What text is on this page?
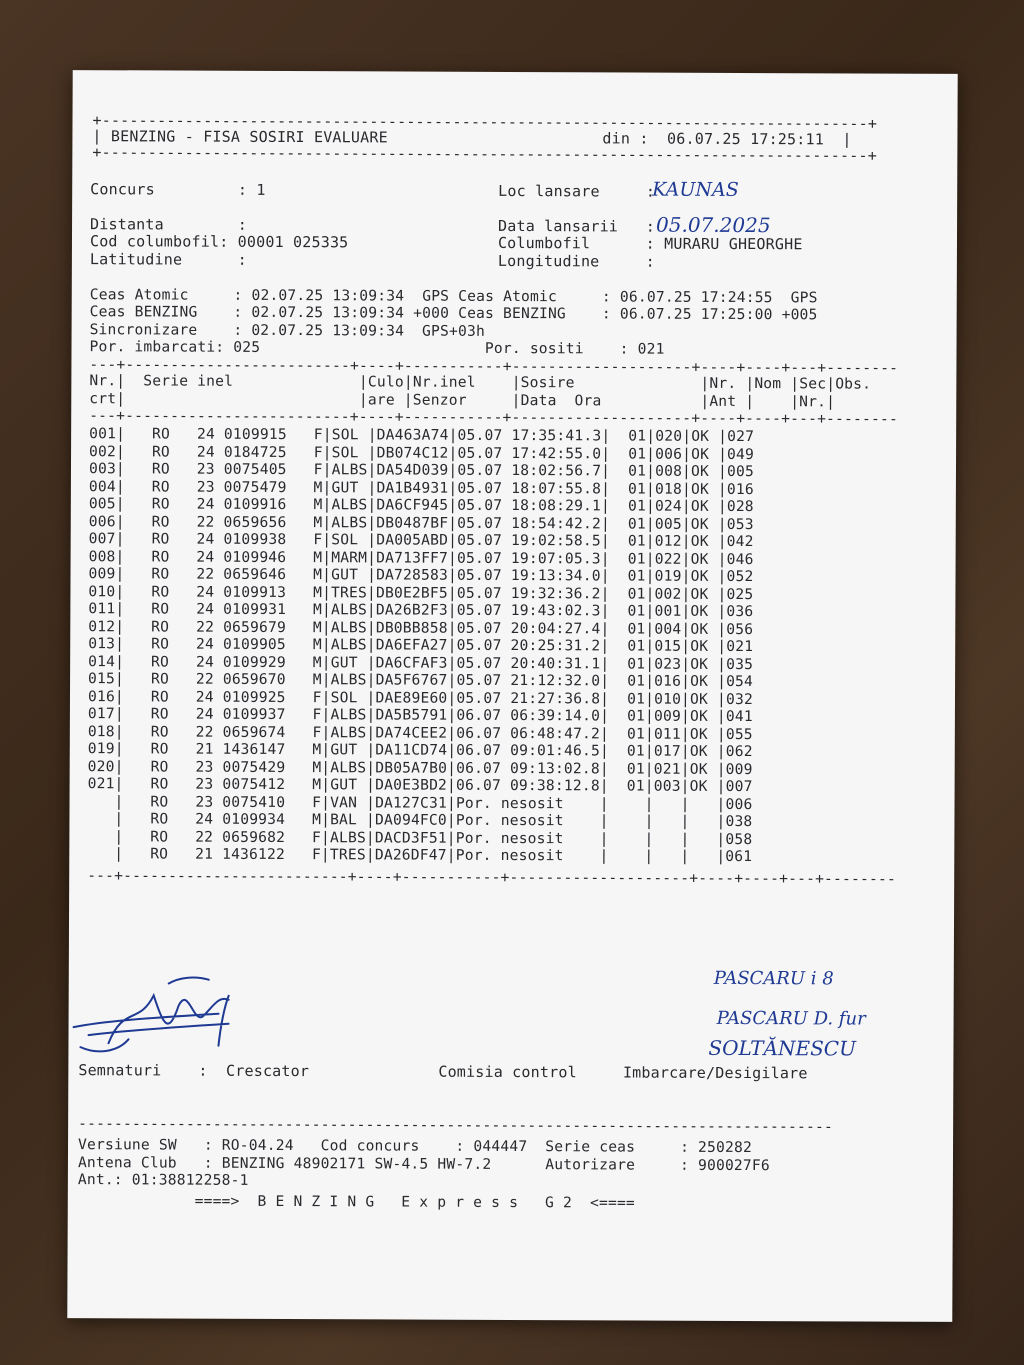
+-----------------------------------------------------------------------------------+
| BENZING - FISA SOSIRI EVALUARE	din : 06.07.25 17:25:11  |
+-----------------------------------------------------------------------------------+
Concurs         : 1	Loc lansare     :
KAUNAS
Distanta        :	Data lansarii   : 05.07.2025
Cod columbofil: 00001 025335	Columbofil      : MURARU GHEORGHE
Latitudine      :	Longitudine     :
Ceas Atomic     : 02.07.25 13:09:34  GPS Ceas Atomic     : 06.07.25 17:24:55  GPS
Ceas BENZING    : 02.07.25 13:09:34 +000 Ceas BENZING    : 06.07.25 17:25:00 +005
Sincronizare    : 02.07.25 13:09:34  GPS+03h
Por. imbarcati: 025                         Por. sositi    : 021
---+-------------------------+----+-----------+--------------------+----+----+---+--------
Nr.|  Serie inel              |Culo|Nr.inel    |Sosire              |Nr. |Nom |Sec|Obs.
crt|                          |are |Senzor     |Data  Ora           |Ant |    |Nr.|
---+-------------------------+----+-----------+--------------------+----+----+---+--------
001|   RO   24 0109915   F|SOL |DA463A74|05.07 17:35:41.3|  01|020|OK |027
002|   RO   24 0184725   F|SOL |DB074C12|05.07 17:42:55.0|  01|006|OK |049
003|   RO   23 0075405   F|ALBS|DA54D039|05.07 18:02:56.7|  01|008|OK |005
004|   RO   23 0075479   M|GUT |DA1B4931|05.07 18:07:55.8|  01|018|OK |016
005|   RO   24 0109916   M|ALBS|DA6CF945|05.07 18:08:29.1|  01|024|OK |028
006|   RO   22 0659656   M|ALBS|DB0487BF|05.07 18:54:42.2|  01|005|OK |053
007|   RO   24 0109938   F|SOL |DA005ABD|05.07 19:02:58.5|  01|012|OK |042
008|   RO   24 0109946   M|MARM|DA713FF7|05.07 19:07:05.3|  01|022|OK |046
009|   RO   22 0659646   M|GUT |DA728583|05.07 19:13:34.0|  01|019|OK |052
010|   RO   24 0109913   M|TRES|DB0E2BF5|05.07 19:32:36.2|  01|002|OK |025
011|   RO   24 0109931   M|ALBS|DA26B2F3|05.07 19:43:02.3|  01|001|OK |036
012|   RO   22 0659679   M|ALBS|DB0BB858|05.07 20:04:27.4|  01|004|OK |056
013|   RO   24 0109905   M|ALBS|DA6EFA27|05.07 20:25:31.2|  01|015|OK |021
014|   RO   24 0109929   M|GUT |DA6CFAF3|05.07 20:40:31.1|  01|023|OK |035
015|   RO   22 0659670   M|ALBS|DA5F6767|05.07 21:12:32.0|  01|016|OK |054
016|   RO   24 0109925   F|SOL |DAE89E60|05.07 21:27:36.8|  01|010|OK |032
017|   RO   24 0109937   F|ALBS|DA5B5791|06.07 06:39:14.0|  01|009|OK |041
018|   RO   22 0659674   F|ALBS|DA74CEE2|06.07 06:48:47.2|  01|011|OK |055
019|   RO   21 1436147   M|GUT |DA11CD74|06.07 09:01:46.5|  01|017|OK |062
020|   RO   23 0075429   M|ALBS|DB05A7B0|06.07 09:13:02.8|  01|021|OK |009
021|   RO   23 0075412   M|GUT |DA0E3BD2|06.07 09:38:12.8|  01|003|OK |007
|   RO   23 0075410   F|VAN |DA127C31|Por. nesosit    |    |   |   |006
|   RO   24 0109934   M|BAL |DA094FC0|Por. nesosit    |    |   |   |038
|   RO   22 0659682   F|ALBS|DACD3F51|Por. nesosit    |    |   |   |058
|   RO   21 1436122   F|TRES|DA26DF47|Por. nesosit    |    |   |   |061
---+-------------------------+----+-----------+--------------------+----+----+---+--------
PASCARU i 8
PASCARU D. fur
SOLTĂNESCU
Semnaturi    :  Crescator              Comisia control     Imbarcare/Desigilare
------------------------------------------------------------------------------------
Versiune SW   : RO-04.24   Cod concurs    : 044447  Serie ceas     : 250282
Antena Club   : BENZING 48902171 SW-4.5 HW-7.2      Autorizare     : 900027F6
Ant.: 01:38812258-1
====>  B E N Z I N G   E x p r e s s   G 2  <====
